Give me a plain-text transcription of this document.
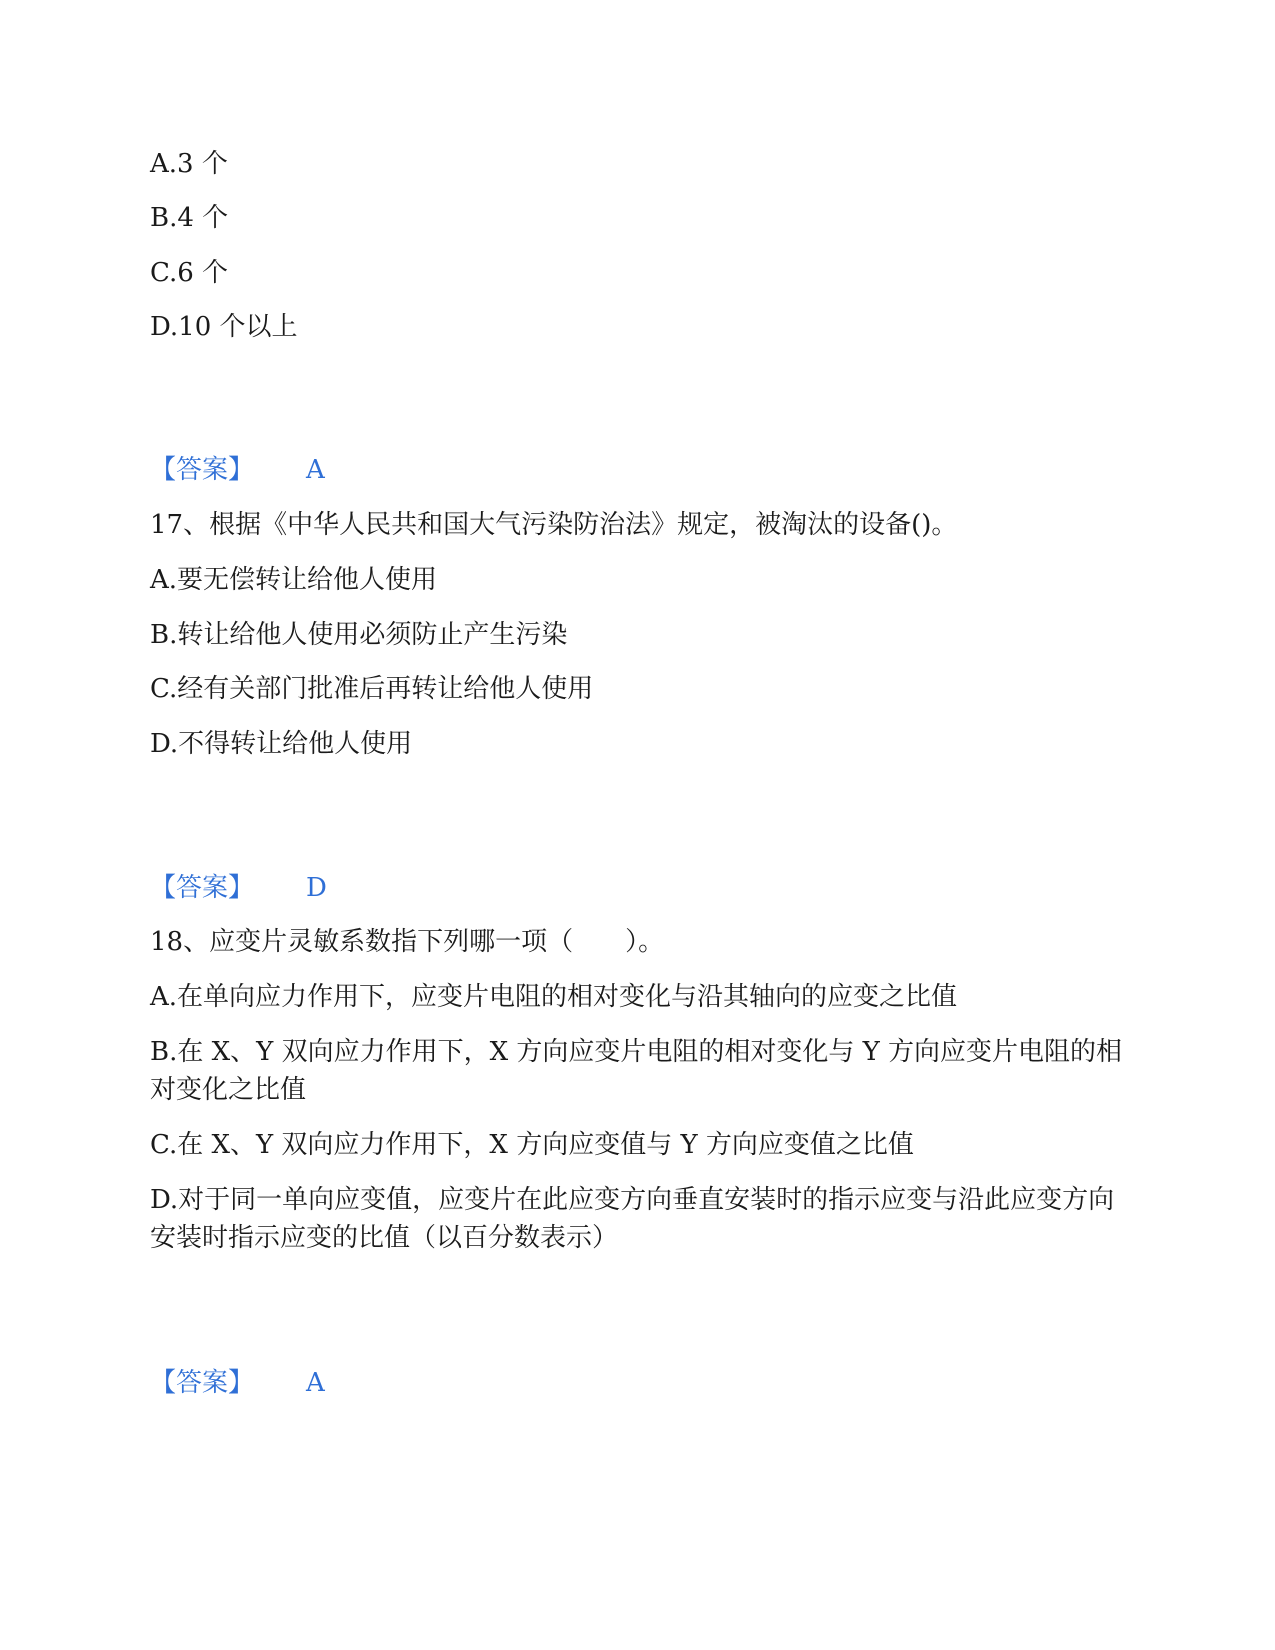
A.3 个
B.4 个
C.6 个
D.10 个以上
【答案】 A
17、根据《中华人民共和国大气污染防治法》规定，被淘汰的设备()。
A.要无偿转让给他人使用
B.转让给他人使用必须防止产生污染
C.经有关部门批准后再转让给他人使用
D.不得转让给他人使用
【答案】 D
18、应变片灵敏系数指下列哪一项（　　）。
A.在单向应力作用下，应变片电阻的相对变化与沿其轴向的应变之比值
B.在 X、Y 双向应力作用下，X 方向应变片电阻的相对变化与 Y 方向应变片电阻的相对变化之比值
C.在 X、Y 双向应力作用下，X 方向应变值与 Y 方向应变值之比值
D.对于同一单向应变值，应变片在此应变方向垂直安装时的指示应变与沿此应变方向安装时指示应变的比值（以百分数表示）
【答案】 A
